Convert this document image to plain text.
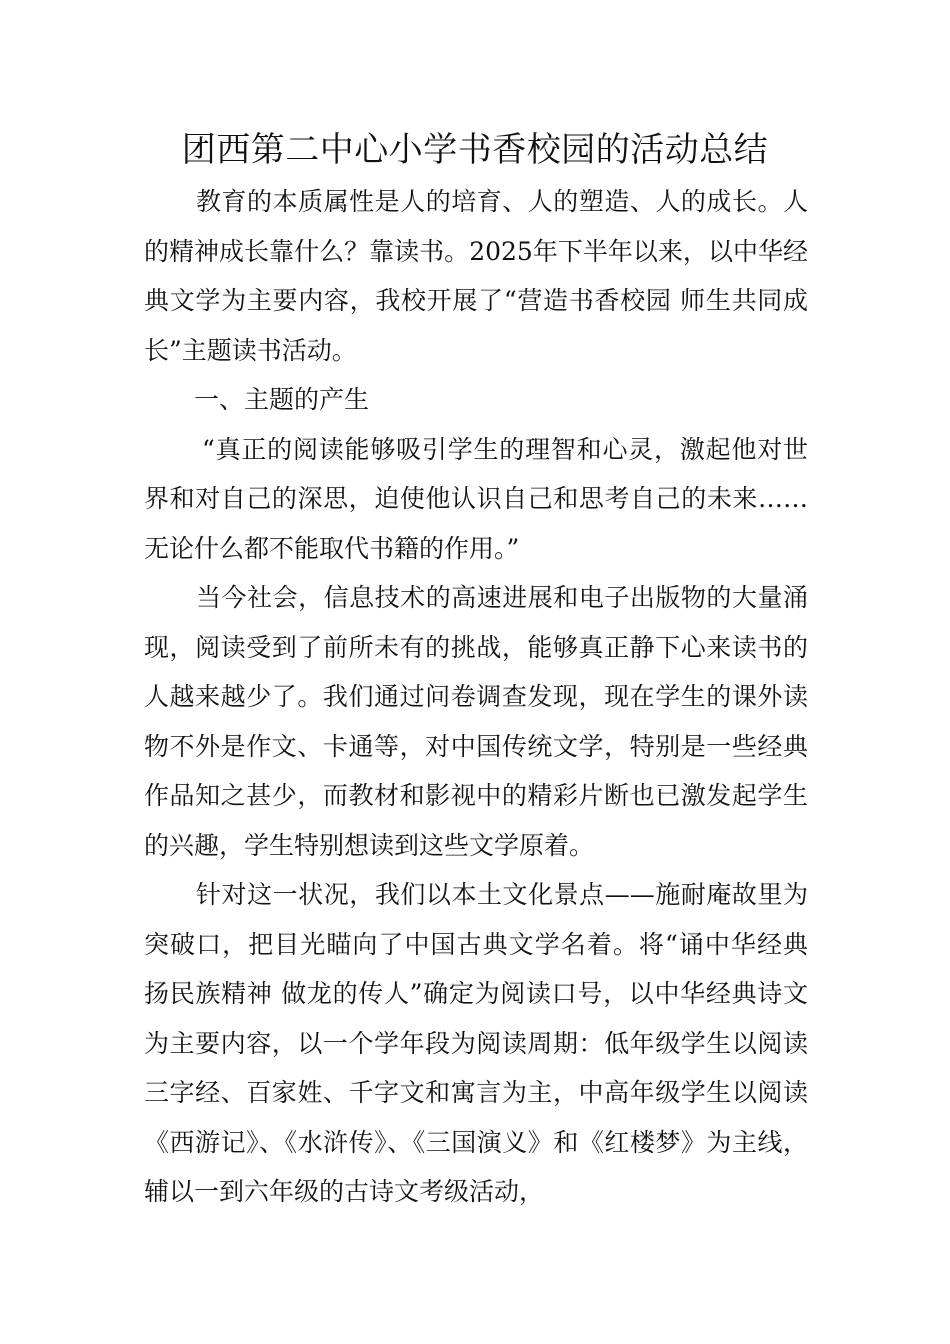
团西第二中心小学书香校园的活动总结

教育的本质属性是人的培育、人的塑造、人的成长。人的精神成长靠什么？靠读书。2025年下半年以来，以中华经典文学为主要内容，我校开展了“营造书香校园 师生共同成长”主题读书活动。

一、主题的产生

“真正的阅读能够吸引学生的理智和心灵，激起他对世界和对自己的深思，迫使他认识自己和思考自己的未来…… 无论什么都不能取代书籍的作用。”

当今社会，信息技术的高速进展和电子出版物的大量涌现，阅读受到了前所未有的挑战，能够真正静下心来读书的人越来越少了。我们通过问卷调查发现，现在学生的课外读物不外是作文、卡通等，对中国传统文学，特别是一些经典作品知之甚少，而教材和影视中的精彩片断也已激发起学生的兴趣，学生特别想读到这些文学原着。

针对这一状况，我们以本土文化景点——施耐庵故里为突破口，把目光瞄向了中国古典文学名着。将“诵中华经典 扬民族精神 做龙的传人”确定为阅读口号，以中华经典诗文为主要内容，以一个学年段为阅读周期：低年级学生以阅读三字经、百家姓、千字文和寓言为主，中高年级学生以阅读《西游记》、《水浒传》、《三国演义》和《红楼梦》为主线，辅以一到六年级的古诗文考级活动，
